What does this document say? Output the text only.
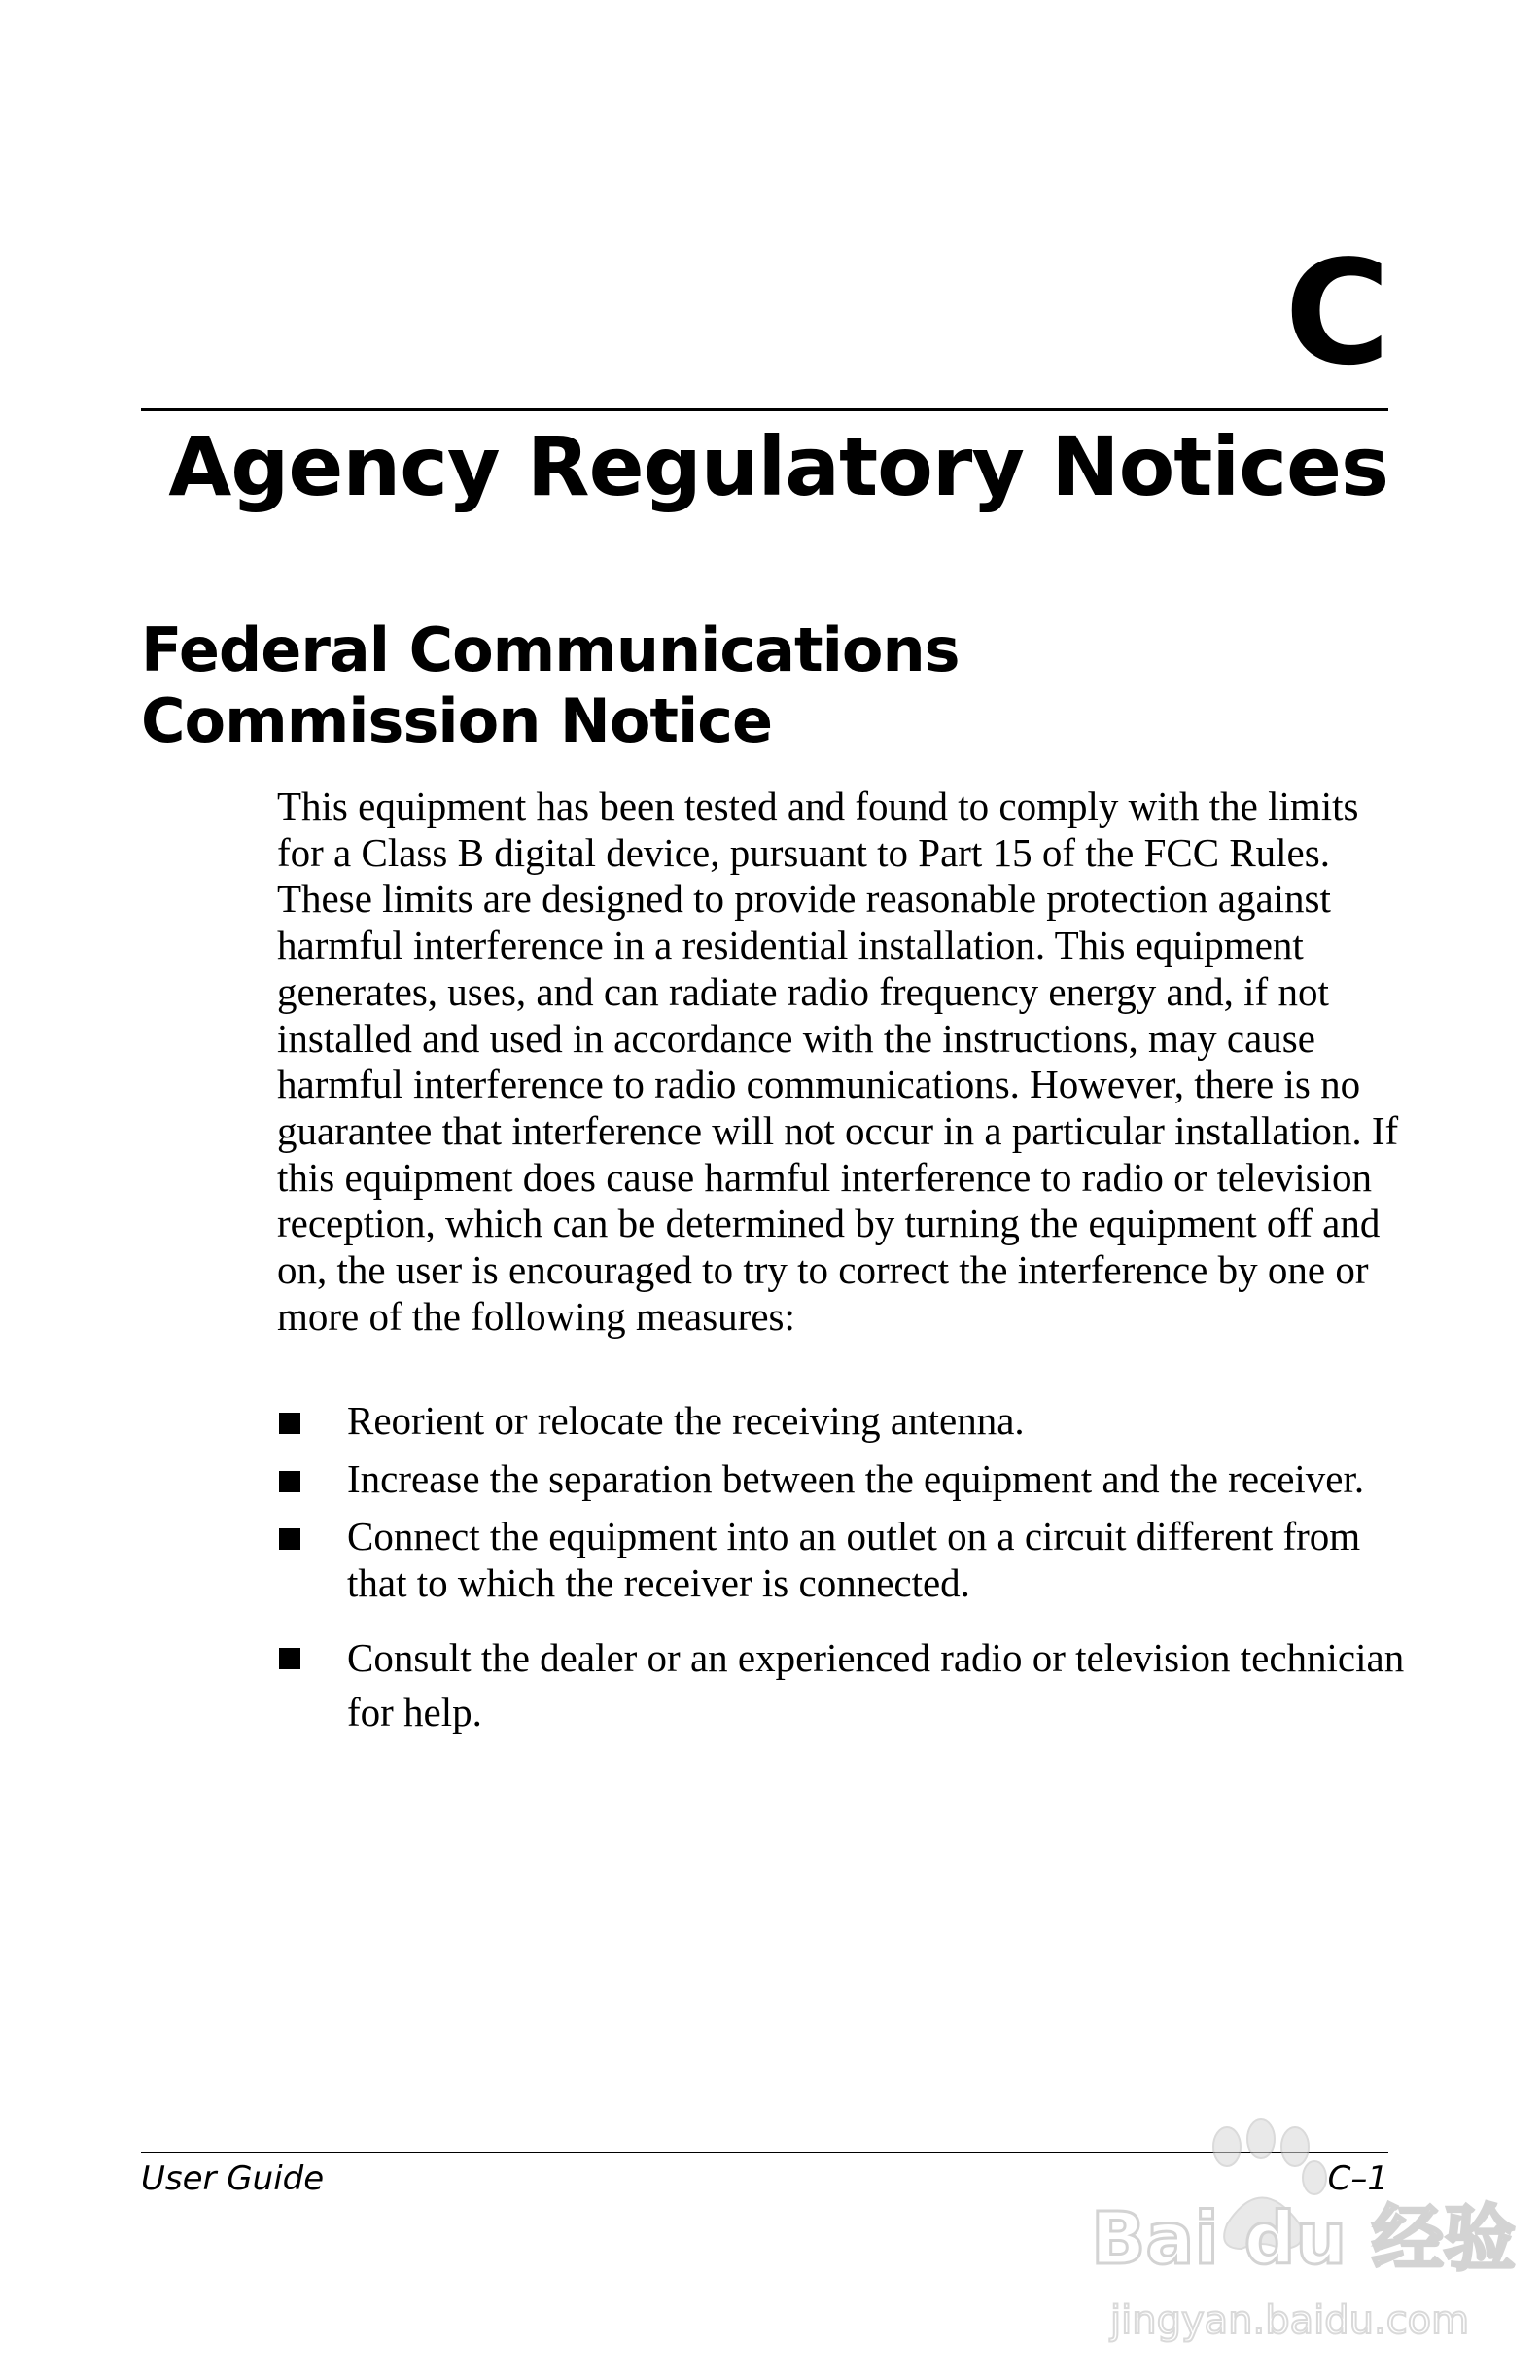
C
Agency Regulatory Notices
Federal Communications
Commission Notice

This equipment has been tested and found to comply with the limits for a Class B digital device, pursuant to Part 15 of the FCC Rules. These limits are designed to provide reasonable protection against harmful interference in a residential installation. This equipment generates, uses, and can radiate radio frequency energy and, if not installed and used in accordance with the instructions, may cause harmful interference to radio communications. However, there is no guarantee that interference will not occur in a particular installation. If this equipment does cause harmful interference to radio or television reception, which can be determined by turning the equipment off and on, the user is encouraged to try to correct the interference by one or more of the following measures:

Reorient or relocate the receiving antenna.
Increase the separation between the equipment and the receiver.
Connect the equipment into an outlet on a circuit different from that to which the receiver is connected.
Consult the dealer or an experienced radio or television technician for help.
User Guide	C–1
Bai du 经验
jingyan.baidu.com
